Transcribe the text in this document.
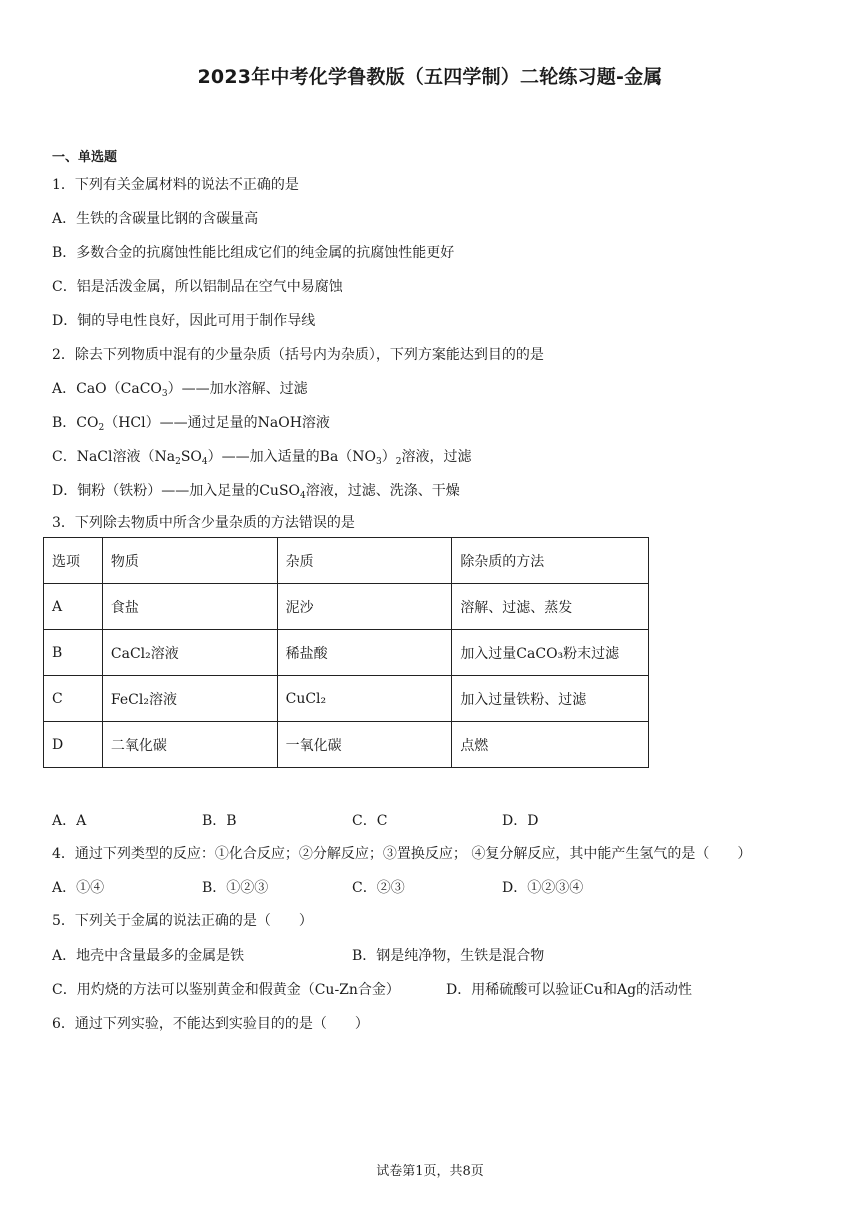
2023年中考化学鲁教版（五四学制）二轮练习题-金属
一、单选题
1．下列有关金属材料的说法不正确的是
A．生铁的含碳量比钢的含碳量高
B．多数合金的抗腐蚀性能比组成它们的纯金属的抗腐蚀性能更好
C．铝是活泼金属，所以铝制品在空气中易腐蚀
D．铜的导电性良好，因此可用于制作导线
2．除去下列物质中混有的少量杂质（括号内为杂质），下列方案能达到目的的是
A．CaO（CaCO$_3$）——加水溶解、过滤
B．$CO_2(HCl)——$通过足量的NaOH溶液
C．NaCl溶液$(Na_2SO_4)——$加入适量的$Ba(NO_3)_2$溶液，过滤
D．铜粉（铁粉）——加入足量的CuSO$_4$溶液，过滤、洗涤、干燥
3．下列除去物质中所含少量杂质的方法错误的是
选项	物质	杂质	除杂质的方法
A	食盐	泥沙	溶解、过滤、蒸发
B	CaCl₂溶液	稀盐酸	加入过量CaCO₃粉末过滤
C	FeCl₂溶液	CuCl₂	加入过量铁粉、过滤
D	二氧化碳	一氧化碳	点燃
A．A	B．B	C．C	D．D
4．通过下列类型的反应：①化合反应；②分解反应；③置换反应； ④复分解反应，其中能产生氢气的是（　　）
A．①④	B．①②③	C．②③	D．①②③④
5．下列关于金属的说法正确的是（　　）
A．地壳中含量最多的金属是铁	B．钢是纯净物，生铁是混合物
C．用灼烧的方法可以鉴别黄金和假黄金（Cu-Zn合金）	D．用稀硫酸可以验证Cu和Ag的活动性
6．通过下列实验，不能达到实验目的的是（　　）
试卷第1页，共8页
